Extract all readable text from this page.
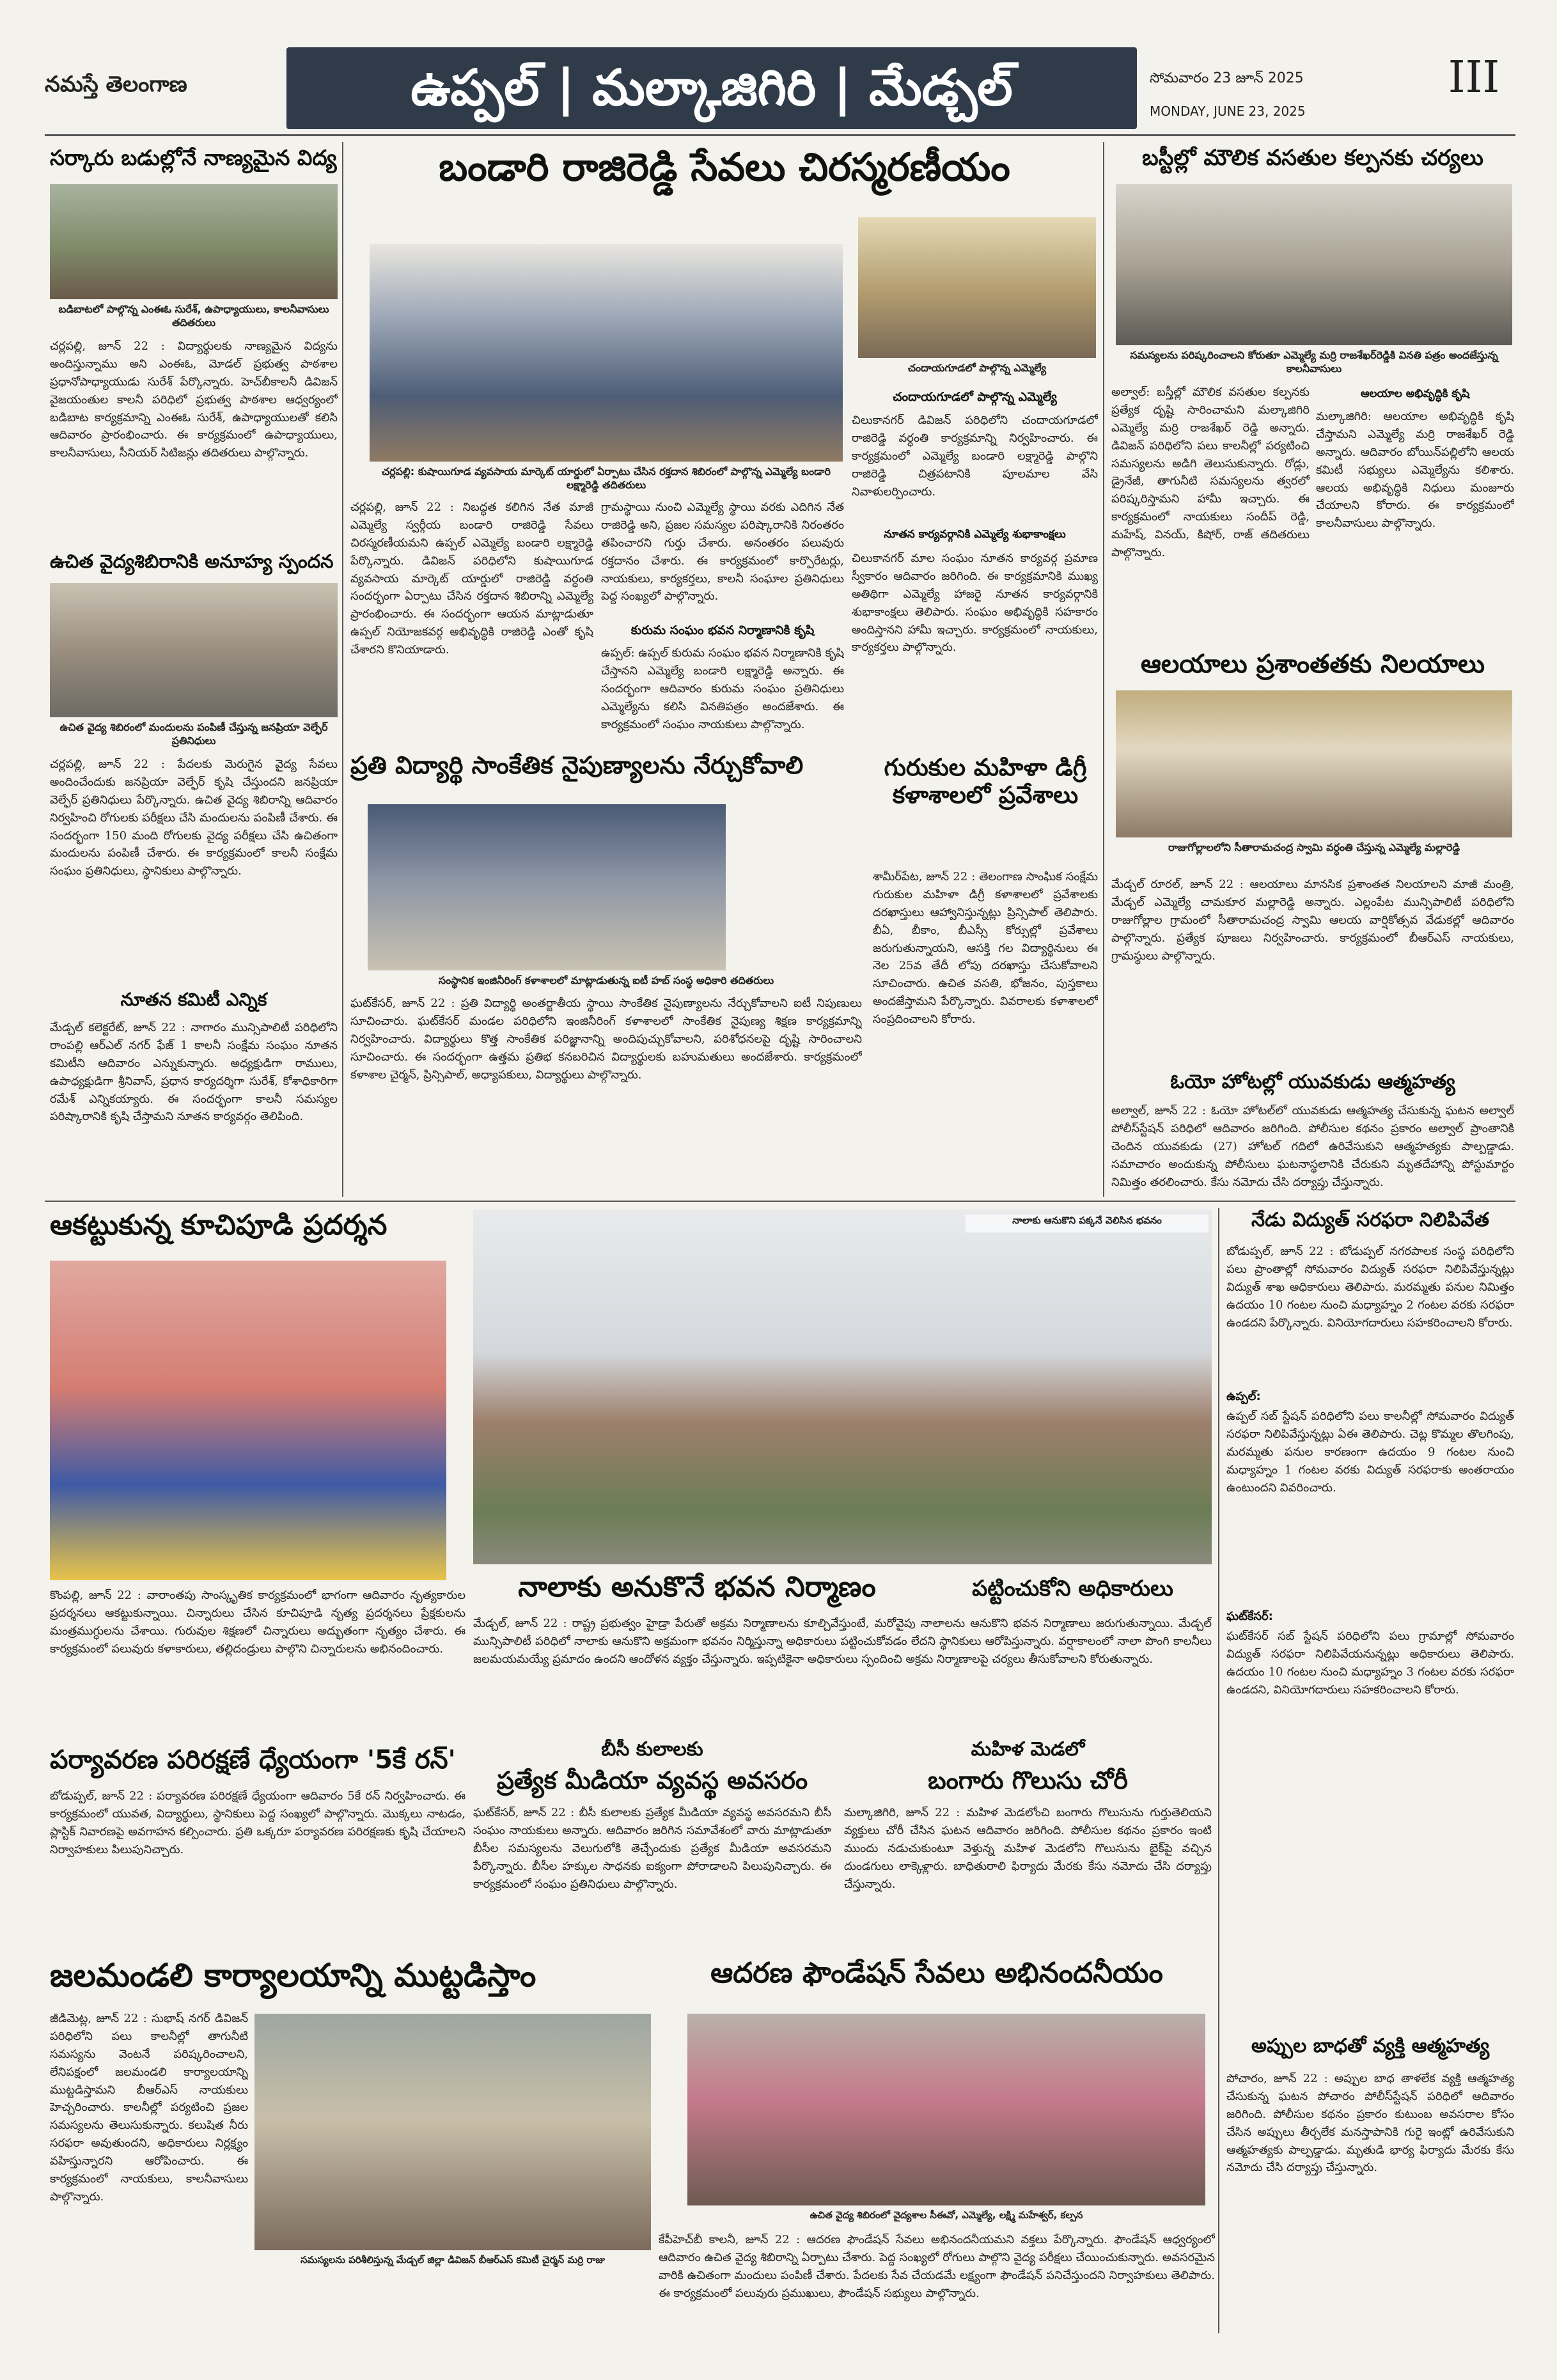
నమస్తే తెలంగాణ	ఉప్పల్ | మల్కాజిగిరి | మేడ్చల్	సోమవారం 23 జూన్ 2025
MONDAY, JUNE 23, 2025
III
సర్కారు బడుల్లోనే నాణ్యమైన విద్య
బడిబాటలో పాల్గొన్న ఎంఈఓ సురేశ్, ఉపాధ్యాయులు, కాలనీవాసులు తదితరులు
చర్లపల్లి, జూన్ 22 : విద్యార్థులకు నాణ్యమైన విద్యను అందిస్తున్నాము అని ఎంఈఓ, మోడల్ ప్రభుత్వ పాఠశాల ప్రధానోపాధ్యాయుడు సురేశ్ పేర్కొన్నారు. హెచ్‌బీకాలనీ డివిజన్ వైజయంతుల కాలనీ పరిధిలో ప్రభుత్వ పాఠశాల ఆధ్వర్యంలో బడిబాట కార్యక్రమాన్ని ఎంఈఓ సురేశ్, ఉపాధ్యాయులతో కలిసి ఆదివారం ప్రారంభించారు. ఈ కార్యక్రమంలో ఉపాధ్యాయులు, కాలనీవాసులు, సీనియర్ సిటిజన్లు తదితరులు పాల్గొన్నారు.
ఉచిత వైద్యశిబిరానికి అనూహ్య స్పందన
ఉచిత వైద్య శిబిరంలో మందులను పంపిణీ చేస్తున్న జనప్రియా వెల్ఫేర్ ప్రతినిధులు
చర్లపల్లి, జూన్ 22 : పేదలకు మెరుగైన వైద్య సేవలు అందించేందుకు జనప్రియా వెల్ఫేర్ కృషి చేస్తుందని జనప్రియా వెల్ఫేర్ ప్రతినిధులు పేర్కొన్నారు. ఉచిత వైద్య శిబిరాన్ని ఆదివారం నిర్వహించి రోగులకు పరీక్షలు చేసి మందులను పంపిణీ చేశారు. ఈ సందర్భంగా 150 మంది రోగులకు వైద్య పరీక్షలు చేసి ఉచితంగా మందులను పంపిణీ చేశారు. ఈ కార్యక్రమంలో కాలనీ సంక్షేమ సంఘం ప్రతినిధులు, స్థానికులు పాల్గొన్నారు.
నూతన కమిటీ ఎన్నిక
మేడ్చల్ కలెక్టరేట్, జూన్ 22 : నాగారం మున్సిపాలిటీ పరిధిలోని రాంపల్లి ఆర్ఎల్ నగర్ ఫేజ్ 1 కాలనీ సంక్షేమ సంఘం నూతన కమిటీని ఆదివారం ఎన్నుకున్నారు. అధ్యక్షుడిగా రాములు, ఉపాధ్యక్షుడిగా శ్రీనివాస్, ప్రధాన కార్యదర్శిగా సురేశ్, కోశాధికారిగా రమేశ్ ఎన్నికయ్యారు. ఈ సందర్భంగా కాలనీ సమస్యల పరిష్కారానికి కృషి చేస్తామని నూతన కార్యవర్గం తెలిపింది.
బండారి రాజిరెడ్డి సేవలు చిరస్మరణీయం
చందాయగూడలో పాల్గొన్న ఎమ్మెల్యే
చర్లపల్లి: కుషాయిగూడ వ్యవసాయ మార్కెట్ యార్డులో ఏర్పాటు చేసిన రక్తదాన శిబిరంలో పాల్గొన్న ఎమ్మెల్యే బండారి లక్ష్మారెడ్డి తదితరులు
చర్లపల్లి, జూన్ 22 : నిబద్ధత కలిగిన నేత మాజీ ఎమ్మెల్యే స్వర్గీయ బండారి రాజిరెడ్డి సేవలు చిరస్మరణీయమని ఉప్పల్ ఎమ్మెల్యే బండారి లక్ష్మారెడ్డి పేర్కొన్నారు. డివిజన్ పరిధిలోని కుషాయిగూడ వ్యవసాయ మార్కెట్ యార్డులో రాజిరెడ్డి వర్ధంతి సందర్భంగా ఏర్పాటు చేసిన రక్తదాన శిబిరాన్ని ఎమ్మెల్యే ప్రారంభించారు. ఈ సందర్భంగా ఆయన మాట్లాడుతూ ఉప్పల్ నియోజకవర్గ అభివృద్ధికి రాజిరెడ్డి ఎంతో కృషి చేశారని కొనియాడారు.
గ్రామస్థాయి నుంచి ఎమ్మెల్యే స్థాయి వరకు ఎదిగిన నేత రాజిరెడ్డి అని, ప్రజల సమస్యల పరిష్కారానికి నిరంతరం తపించారని గుర్తు చేశారు. అనంతరం పలువురు రక్తదానం చేశారు. ఈ కార్యక్రమంలో కార్పొరేటర్లు, నాయకులు, కార్యకర్తలు, కాలనీ సంఘాల ప్రతినిధులు పెద్ద సంఖ్యలో పాల్గొన్నారు.
కురుమ సంఘం భవన నిర్మాణానికి కృషి
ఉప్పల్: ఉప్పల్ కురుమ సంఘం భవన నిర్మాణానికి కృషి చేస్తానని ఎమ్మెల్యే బండారి లక్ష్మారెడ్డి అన్నారు. ఈ సందర్భంగా ఆదివారం కురుమ సంఘం ప్రతినిధులు ఎమ్మెల్యేను కలిసి వినతిపత్రం అందజేశారు. ఈ కార్యక్రమంలో సంఘం నాయకులు పాల్గొన్నారు.
చందాయగూడలో పాల్గొన్న ఎమ్మెల్యే
చిలుకానగర్ డివిజన్ పరిధిలోని చందాయగూడలో రాజిరెడ్డి వర్ధంతి కార్యక్రమాన్ని నిర్వహించారు. ఈ కార్యక్రమంలో ఎమ్మెల్యే బండారి లక్ష్మారెడ్డి పాల్గొని రాజిరెడ్డి చిత్రపటానికి పూలమాల వేసి నివాళులర్పించారు.
నూతన కార్యవర్గానికి ఎమ్మెల్యే శుభాకాంక్షలు
చిలుకానగర్ మాల సంఘం నూతన కార్యవర్గ ప్రమాణ స్వీకారం ఆదివారం జరిగింది. ఈ కార్యక్రమానికి ముఖ్య అతిథిగా ఎమ్మెల్యే హాజరై నూతన కార్యవర్గానికి శుభాకాంక్షలు తెలిపారు. సంఘం అభివృద్ధికి సహకారం అందిస్తానని హామీ ఇచ్చారు. కార్యక్రమంలో నాయకులు, కార్యకర్తలు పాల్గొన్నారు.
బస్టీల్లో మౌలిక వసతుల కల్పనకు చర్యలు
సమస్యలను పరిష్కరించాలని కోరుతూ ఎమ్మెల్యే మర్రి రాజశేఖర్‌రెడ్డికి వినతి పత్రం అందజేస్తున్న కాలనీవాసులు
అల్వాల్: బస్తీల్లో మౌలిక వసతుల కల్పనకు ప్రత్యేక దృష్టి సారించామని మల్కాజిగిరి ఎమ్మెల్యే మర్రి రాజశేఖర్ రెడ్డి అన్నారు. డివిజన్ పరిధిలోని పలు కాలనీల్లో పర్యటించి సమస్యలను అడిగి తెలుసుకున్నారు. రోడ్లు, డ్రైనేజీ, తాగునీటి సమస్యలను త్వరలో పరిష్కరిస్తామని హామీ ఇచ్చారు. ఈ కార్యక్రమంలో నాయకులు సందీప్ రెడ్డి, మహేష్, వినయ్, కిషోర్, రాజ్ తదితరులు పాల్గొన్నారు.
ఆలయాల అభివృద్ధికి కృషి
మల్కాజిగిరి: ఆలయాల అభివృద్ధికి కృషి చేస్తామని ఎమ్మెల్యే మర్రి రాజశేఖర్ రెడ్డి అన్నారు. ఆదివారం బోయిన్‌పల్లిలోని ఆలయ కమిటీ సభ్యులు ఎమ్మెల్యేను కలిశారు. ఆలయ అభివృద్ధికి నిధులు మంజూరు చేయాలని కోరారు. ఈ కార్యక్రమంలో కాలనీవాసులు పాల్గొన్నారు.
ఆలయాలు ప్రశాంతతకు నిలయాలు
రాజుగోల్లాలలోని సీతారామచంద్ర స్వామి వర్ధంతి చేస్తున్న ఎమ్మెల్యే మల్లారెడ్డి
మేడ్చల్ రూరల్, జూన్ 22 : ఆలయాలు మానసిక ప్రశాంతత నిలయాలని మాజీ మంత్రి, మేడ్చల్ ఎమ్మెల్యే చామకూర మల్లారెడ్డి అన్నారు. ఎల్లంపేట మున్సిపాలిటీ పరిధిలోని రాజుగోల్లాల గ్రామంలో సీతారామచంద్ర స్వామి ఆలయ వార్షికోత్సవ వేడుకల్లో ఆదివారం పాల్గొన్నారు. ప్రత్యేక పూజలు నిర్వహించారు. కార్యక్రమంలో బీఆర్ఎస్ నాయకులు, గ్రామస్థులు పాల్గొన్నారు.
ఓయో హోటల్లో యువకుడు ఆత్మహత్య
అల్వాల్, జూన్ 22 : ఓయో హోటల్‌లో యువకుడు ఆత్మహత్య చేసుకున్న ఘటన అల్వాల్ పోలీస్‌స్టేషన్ పరిధిలో ఆదివారం జరిగింది. పోలీసుల కథనం ప్రకారం అల్వాల్ ప్రాంతానికి చెందిన యువకుడు (27) హోటల్ గదిలో ఉరివేసుకుని ఆత్మహత్యకు పాల్పడ్డాడు. సమాచారం అందుకున్న పోలీసులు ఘటనాస్థలానికి చేరుకుని మృతదేహాన్ని పోస్టుమార్టం నిమిత్తం తరలించారు. కేసు నమోదు చేసి దర్యాప్తు చేస్తున్నారు.
ప్రతి విద్యార్థి సాంకేతిక నైపుణ్యాలను నేర్చుకోవాలి
సంస్థానిక ఇంజినీరింగ్ కళాశాలలో మాట్లాడుతున్న ఐటీ హబ్ సంస్థ అధికారి తదితరులు
ఘట్‌కేసర్, జూన్ 22 : ప్రతి విద్యార్థి అంతర్జాతీయ స్థాయి సాంకేతిక నైపుణ్యాలను నేర్చుకోవాలని ఐటీ నిపుణులు సూచించారు. ఘట్‌కేసర్ మండల పరిధిలోని ఇంజినీరింగ్ కళాశాలలో సాంకేతిక నైపుణ్య శిక్షణ కార్యక్రమాన్ని నిర్వహించారు. విద్యార్థులు కొత్త సాంకేతిక పరిజ్ఞానాన్ని అందిపుచ్చుకోవాలని, పరిశోధనలపై దృష్టి సారించాలని సూచించారు. ఈ సందర్భంగా ఉత్తమ ప్రతిభ కనబరిచిన విద్యార్థులకు బహుమతులు అందజేశారు. కార్యక్రమంలో కళాశాల చైర్మన్, ప్రిన్సిపాల్, అధ్యాపకులు, విద్యార్థులు పాల్గొన్నారు.
గురుకుల మహిళా డిగ్రీ కళాశాలలో ప్రవేశాలు
శామీర్‌పేట, జూన్ 22 : తెలంగాణ సాంఘిక సంక్షేమ గురుకుల మహిళా డిగ్రీ కళాశాలలో ప్రవేశాలకు దరఖాస్తులు ఆహ్వానిస్తున్నట్లు ప్రిన్సిపాల్ తెలిపారు. బీఏ, బీకాం, బీఎస్సీ కోర్సుల్లో ప్రవేశాలు జరుగుతున్నాయని, ఆసక్తి గల విద్యార్థినులు ఈ నెల 25వ తేదీ లోపు దరఖాస్తు చేసుకోవాలని సూచించారు. ఉచిత వసతి, భోజనం, పుస్తకాలు అందజేస్తామని పేర్కొన్నారు. వివరాలకు కళాశాలలో సంప్రదించాలని కోరారు.
ఆకట్టుకున్న కూచిపూడి ప్రదర్శన
కొంపల్లి, జూన్ 22 : వారాంతపు సాంస్కృతిక కార్యక్రమంలో భాగంగా ఆదివారం నృత్యకారుల ప్రదర్శనలు ఆకట్టుకున్నాయి. చిన్నారులు చేసిన కూచిపూడి నృత్య ప్రదర్శనలు ప్రేక్షకులను మంత్రముగ్ధులను చేశాయి. గురువుల శిక్షణలో చిన్నారులు అద్భుతంగా నృత్యం చేశారు. ఈ కార్యక్రమంలో పలువురు కళాకారులు, తల్లిదండ్రులు పాల్గొని చిన్నారులను అభినందించారు.
పర్యావరణ పరిరక్షణే ధ్యేయంగా '5కే రన్'
బోడుప్పల్, జూన్ 22 : పర్యావరణ పరిరక్షణే ధ్యేయంగా ఆదివారం 5కే రన్ నిర్వహించారు. ఈ కార్యక్రమంలో యువత, విద్యార్థులు, స్థానికులు పెద్ద సంఖ్యలో పాల్గొన్నారు. మొక్కలు నాటడం, ప్లాస్టిక్ నివారణపై అవగాహన కల్పించారు. ప్రతి ఒక్కరూ పర్యావరణ పరిరక్షణకు కృషి చేయాలని నిర్వాహకులు పిలుపునిచ్చారు.
నాలాకు ఆనుకొని పక్కనే వెలిసిన భవనం
నాలాకు అనుకొనే భవన నిర్మాణం	పట్టించుకోని అధికారులు
మేడ్చల్, జూన్ 22 : రాష్ట్ర ప్రభుత్వం హైడ్రా పేరుతో అక్రమ నిర్మాణాలను కూల్చివేస్తుంటే, మరోవైపు నాలాలను ఆనుకొని భవన నిర్మాణాలు జరుగుతున్నాయి. మేడ్చల్ మున్సిపాలిటీ పరిధిలో నాలాకు ఆనుకొని అక్రమంగా భవనం నిర్మిస్తున్నా అధికారులు పట్టించుకోవడం లేదని స్థానికులు ఆరోపిస్తున్నారు. వర్షాకాలంలో నాలా పొంగి కాలనీలు జలమయమయ్యే ప్రమాదం ఉందని ఆందోళన వ్యక్తం చేస్తున్నారు. ఇప్పటికైనా అధికారులు స్పందించి అక్రమ నిర్మాణాలపై చర్యలు తీసుకోవాలని కోరుతున్నారు.
బీసీ కులాలకు
ప్రత్యేక మీడియా వ్యవస్థ అవసరం
ఘట్‌కేసర్, జూన్ 22 : బీసీ కులాలకు ప్రత్యేక మీడియా వ్యవస్థ అవసరమని బీసీ సంఘం నాయకులు అన్నారు. ఆదివారం జరిగిన సమావేశంలో వారు మాట్లాడుతూ బీసీల సమస్యలను వెలుగులోకి తెచ్చేందుకు ప్రత్యేక మీడియా అవసరమని పేర్కొన్నారు. బీసీల హక్కుల సాధనకు ఐక్యంగా పోరాడాలని పిలుపునిచ్చారు. ఈ కార్యక్రమంలో సంఘం ప్రతినిధులు పాల్గొన్నారు.
మహిళ మెడలో
బంగారు గొలుసు చోరీ
మల్కాజిగిరి, జూన్ 22 : మహిళ మెడలోంచి బంగారు గొలుసును గుర్తుతెలియని వ్యక్తులు చోరీ చేసిన ఘటన ఆదివారం జరిగింది. పోలీసుల కథనం ప్రకారం ఇంటి ముందు నడుచుకుంటూ వెళ్తున్న మహిళ మెడలోని గొలుసును బైక్‌పై వచ్చిన దుండగులు లాక్కెళ్లారు. బాధితురాలి ఫిర్యాదు మేరకు కేసు నమోదు చేసి దర్యాప్తు చేస్తున్నారు.
జలమండలి కార్యాలయాన్ని ముట్టడిస్తాం
సమస్యలను పరిశీలిస్తున్న మేడ్చల్ జిల్లా డివిజన్ బీఆర్ఎస్ కమిటీ చైర్మన్ మర్రి రాజు
జీడిమెట్ల, జూన్ 22 : సుభాష్ నగర్ డివిజన్ పరిధిలోని పలు కాలనీల్లో తాగునీటి సమస్యను వెంటనే పరిష్కరించాలని, లేనిపక్షంలో జలమండలి కార్యాలయాన్ని ముట్టడిస్తామని బీఆర్ఎస్ నాయకులు హెచ్చరించారు. కాలనీల్లో పర్యటించి ప్రజల సమస్యలను తెలుసుకున్నారు. కలుషిత నీరు సరఫరా అవుతుందని, అధికారులు నిర్లక్ష్యం వహిస్తున్నారని ఆరోపించారు. ఈ కార్యక్రమంలో నాయకులు, కాలనీవాసులు పాల్గొన్నారు.
ఆదరణ ఫౌండేషన్ సేవలు అభినందనీయం
ఉచిత వైద్య శిబిరంలో వైద్యశాల సీఈవో, ఎమ్మెల్యే, లక్ష్మి మహేశ్వర్, కల్పన
కేపీహెచ్‌బీ కాలనీ, జూన్ 22 : ఆదరణ ఫౌండేషన్ సేవలు అభినందనీయమని వక్తలు పేర్కొన్నారు. ఫౌండేషన్ ఆధ్వర్యంలో ఆదివారం ఉచిత వైద్య శిబిరాన్ని ఏర్పాటు చేశారు. పెద్ద సంఖ్యలో రోగులు పాల్గొని వైద్య పరీక్షలు చేయించుకున్నారు. అవసరమైన వారికి ఉచితంగా మందులు పంపిణీ చేశారు. పేదలకు సేవ చేయడమే లక్ష్యంగా ఫౌండేషన్ పనిచేస్తుందని నిర్వాహకులు తెలిపారు. ఈ కార్యక్రమంలో పలువురు ప్రముఖులు, ఫౌండేషన్ సభ్యులు పాల్గొన్నారు.
నేడు విద్యుత్ సరఫరా నిలిపివేత
బోడుప్పల్, జూన్ 22 : బోడుప్పల్ నగరపాలక సంస్థ పరిధిలోని పలు ప్రాంతాల్లో సోమవారం విద్యుత్ సరఫరా నిలిపివేస్తున్నట్లు విద్యుత్ శాఖ అధికారులు తెలిపారు. మరమ్మతు పనుల నిమిత్తం ఉదయం 10 గంటల నుంచి మధ్యాహ్నం 2 గంటల వరకు సరఫరా ఉండదని పేర్కొన్నారు. వినియోగదారులు సహకరించాలని కోరారు.
ఉప్పల్:
ఉప్పల్ సబ్ స్టేషన్ పరిధిలోని పలు కాలనీల్లో సోమవారం విద్యుత్ సరఫరా నిలిపివేస్తున్నట్లు ఏఈ తెలిపారు. చెట్ల కొమ్మల తొలగింపు, మరమ్మతు పనుల కారణంగా ఉదయం 9 గంటల నుంచి మధ్యాహ్నం 1 గంటల వరకు విద్యుత్ సరఫరాకు అంతరాయం ఉంటుందని వివరించారు.
ఘట్‌కేసర్:
ఘట్‌కేసర్ సబ్ స్టేషన్ పరిధిలోని పలు గ్రామాల్లో సోమవారం విద్యుత్ సరఫరా నిలిపివేయనున్నట్లు అధికారులు తెలిపారు. ఉదయం 10 గంటల నుంచి మధ్యాహ్నం 3 గంటల వరకు సరఫరా ఉండదని, వినియోగదారులు సహకరించాలని కోరారు.
అప్పుల బాధతో వ్యక్తి ఆత్మహత్య
పోచారం, జూన్ 22 : అప్పుల బాధ తాళలేక వ్యక్తి ఆత్మహత్య చేసుకున్న ఘటన పోచారం పోలీస్‌స్టేషన్ పరిధిలో ఆదివారం జరిగింది. పోలీసుల కథనం ప్రకారం కుటుంబ అవసరాల కోసం చేసిన అప్పులు తీర్చలేక మనస్తాపానికి గురై ఇంట్లో ఉరివేసుకుని ఆత్మహత్యకు పాల్పడ్డాడు. మృతుడి భార్య ఫిర్యాదు మేరకు కేసు నమోదు చేసి దర్యాప్తు చేస్తున్నారు.
